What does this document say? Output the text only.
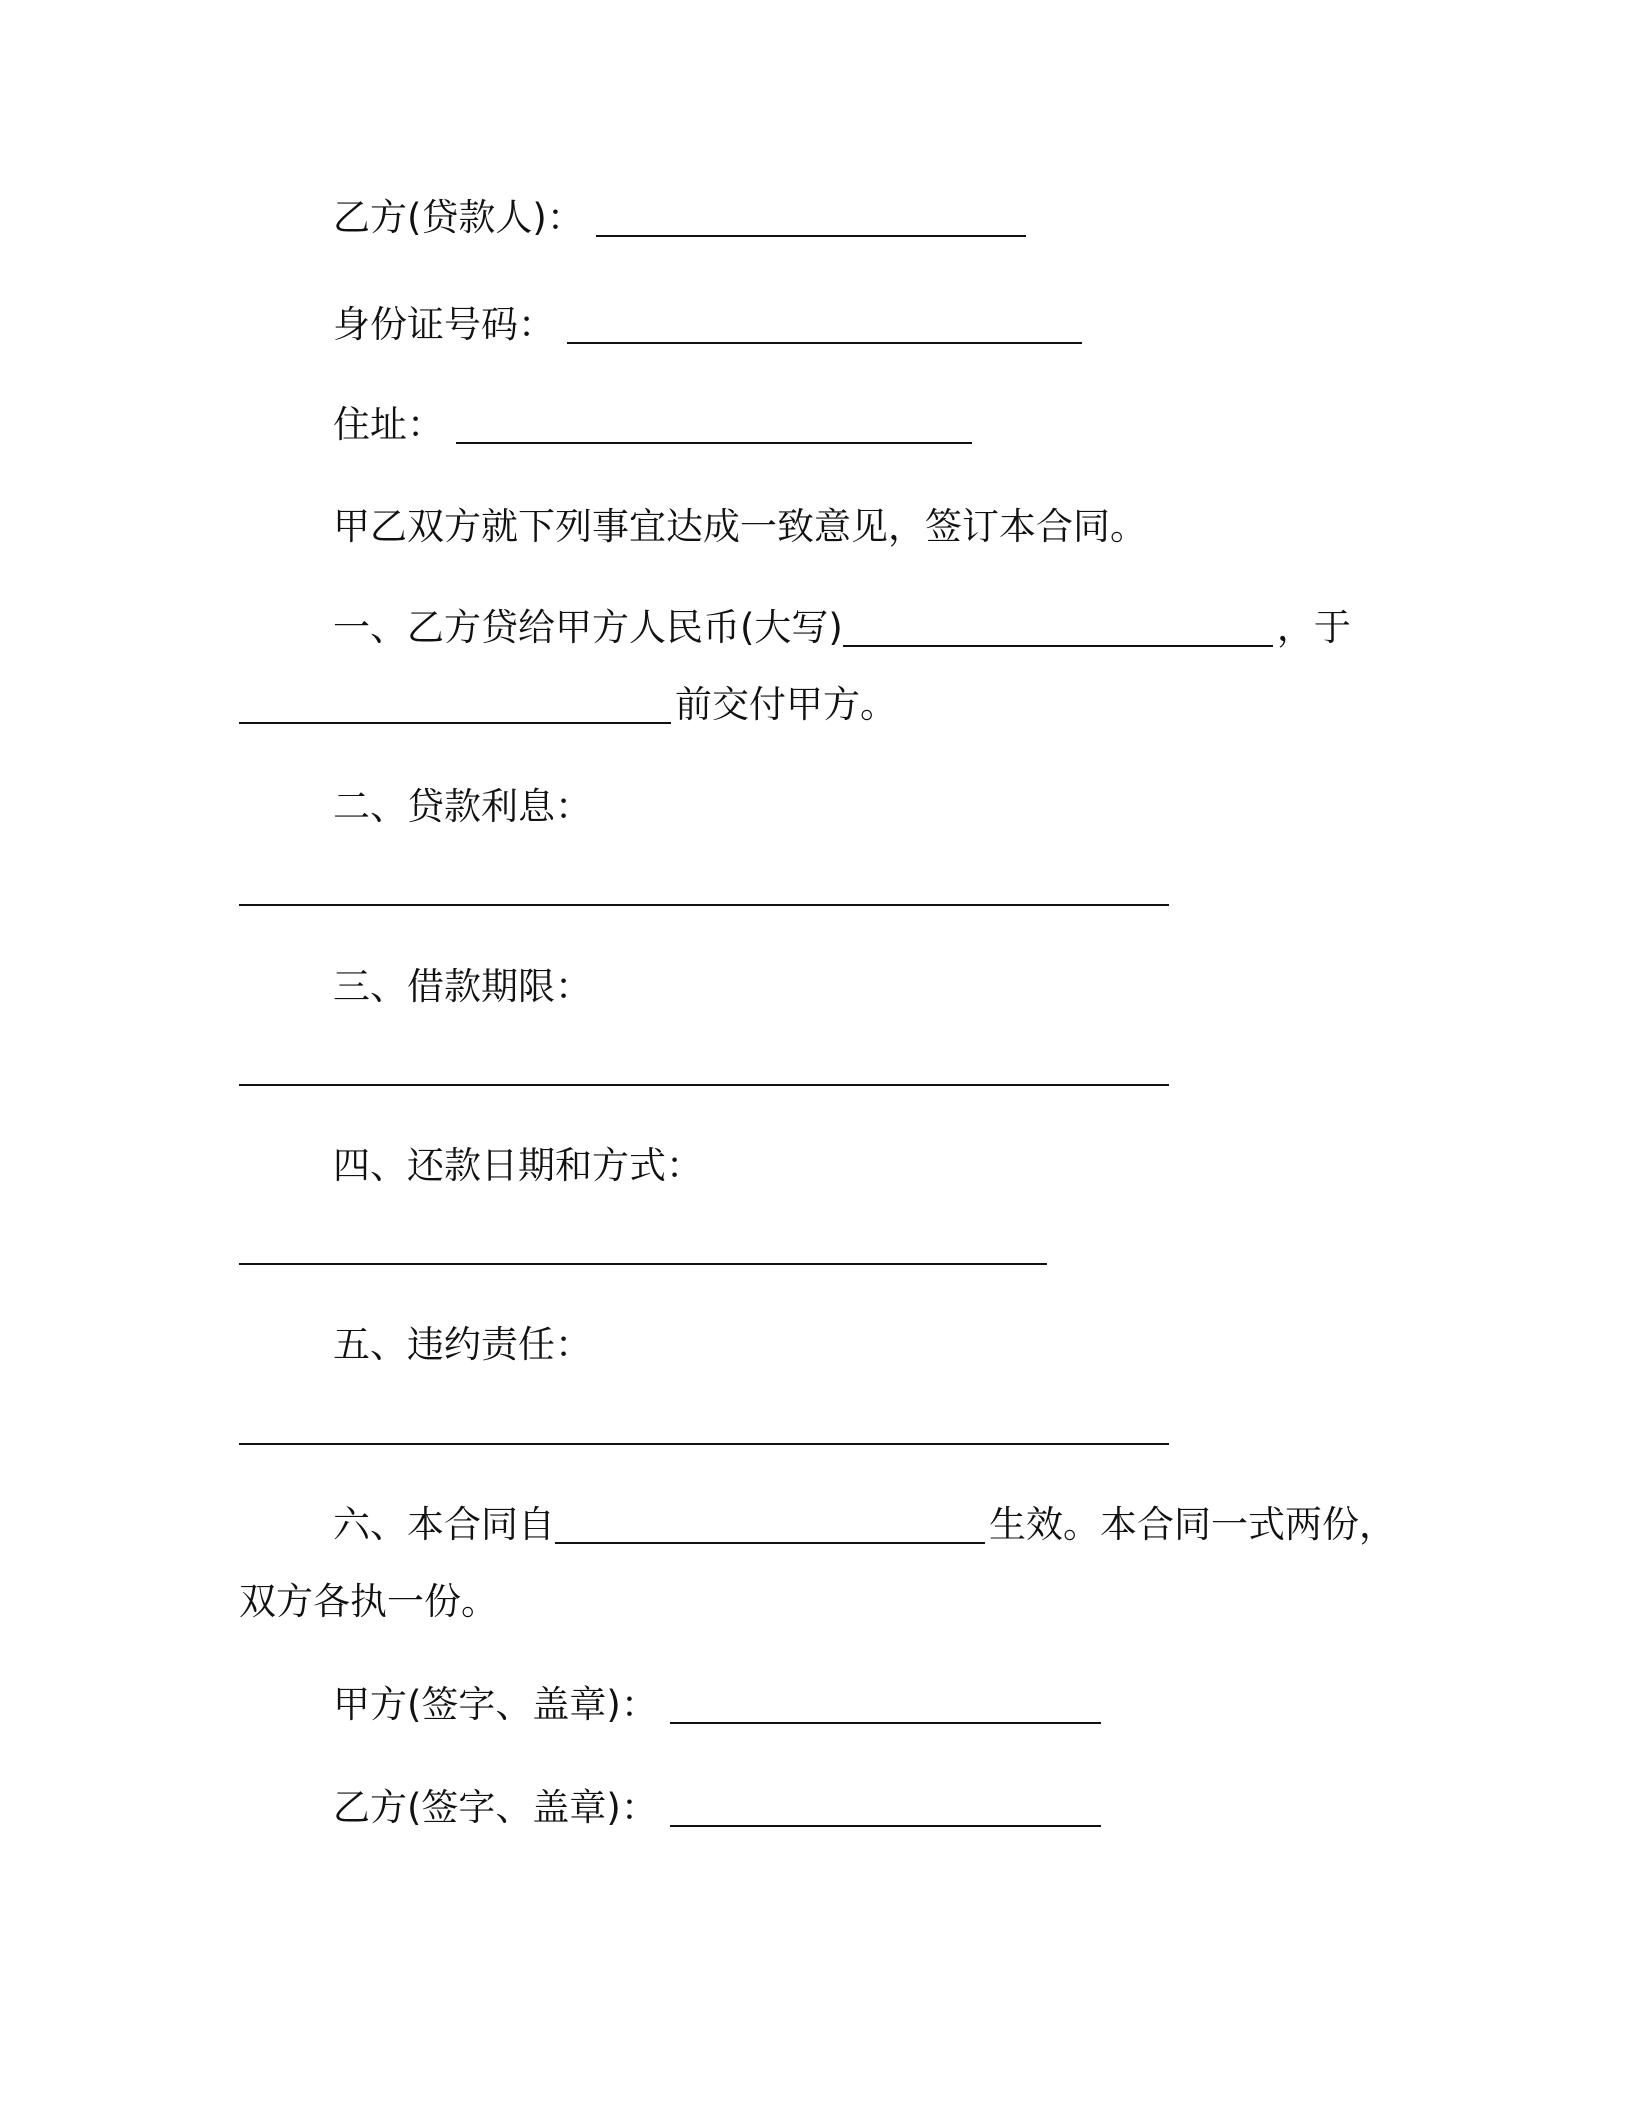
乙方(贷款人)：
身份证号码：
住址：
甲乙双方就下列事宜达成一致意见，签订本合同。
一、乙方贷给甲方人民币(大写)	，于
前交付甲方。
二、贷款利息：
三、借款期限：
四、还款日期和方式：
五、违约责任：
六、本合同自	生效。本合同一式两份，
双方各执一份。
甲方(签字、盖章)：
乙方(签字、盖章)：
